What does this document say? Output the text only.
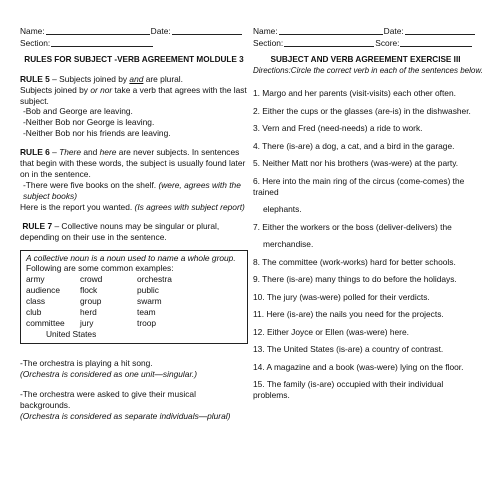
Name:	Date:
Section:
RULES FOR SUBJECT -VERB AGREEMENT MOLDULE 3

RULE 5 – Subjects joined by and are plural.

Subjects joined by or nor take a verb that agrees with the last subject.

-Bob and George are leaving.

-Neither Bob nor George is leaving.

-Neither Bob nor his friends are leaving.

RULE 6 – There and here are never subjects. In sentences that begin with these words, the subject is usually found later on in the sentence.

-There were five books on the shelf. (were, agrees with the subject books)

Here is the report you wanted. (Is agrees with subject report)

RULE 7 – Collective nouns may be singular or plural, depending on their use in the sentence.

A collective noun is a noun used to name a whole group.

Following are some common examples:

army	crowd	orchestra
audience	flock	public
class	group	swarm
club	herd	team
committee	jury	troop

United States

-The orchestra is playing a hit song.

(Orchestra is considered as one unit—singular.)

-The orchestra were asked to give their musical backgrounds.

(Orchestra is considered as separate individuals—plural)

Name:	Date:
Section:	Score:
SUBJECT AND VERB AGREEMENT EXERCISE III
Directions:Circle the correct verb in each of the sentences below.

1. Margo and her parents (visit-visits) each other often.

2. Either the cups or the glasses (are-is) in the dishwasher.

3. Vern and Fred (need-needs) a ride to work.

4. There (is-are) a dog, a cat, and a bird in the garage.

5. Neither Matt nor his brothers (was-were) at the party.

6. Here into the main ring of the circus (come-comes) the trained

elephants.

7. Either the workers or the boss (deliver-delivers) the

merchandise.

8. The committee (work-works) hard for better schools.

9. There (is-are) many things to do before the holidays.

10. The jury (was-were) polled for their verdicts.

11. Here (is-are) the nails you need for the projects.

12. Either Joyce or Ellen (was-were) here.

13. The United States (is-are) a country of contrast.

14. A magazine and a book (was-were) lying on the floor.

15. The family (is-are) occupied with their individual problems.
